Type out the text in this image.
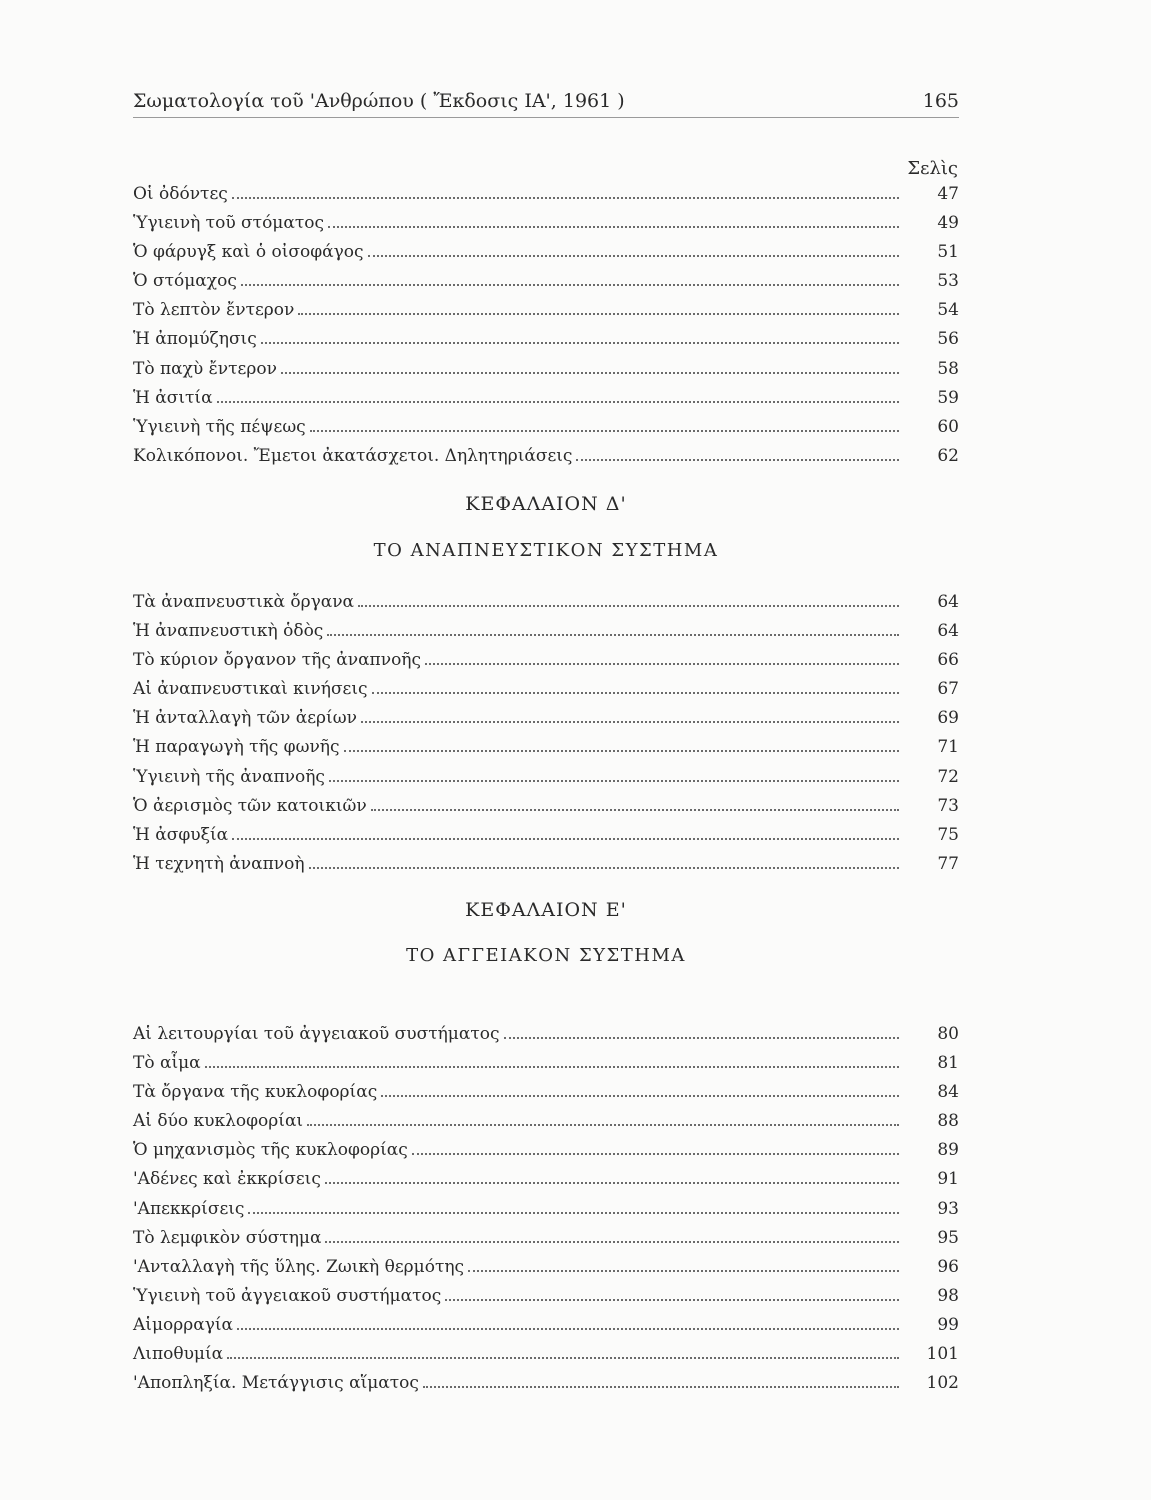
Σωματολογία τοῦ 'Ανθρώπου ( Ἔκδοσις ΙΑ', 1961 )	165
Σελὶς
Οἱ ὀδόντες	47
Ὑγιεινὴ τοῦ στόματος	49
Ὁ φάρυγξ καὶ ὁ οἰσοφάγος	51
Ὁ στόμαχος	53
Τὸ λεπτὸν ἔντερον	54
Ἡ ἀπομύζησις	56
Τὸ παχὺ ἔντερον	58
Ἡ ἀσιτία	59
Ὑγιεινὴ τῆς πέψεως	60
Κολικόπονοι. Ἔμετοι ἀκατάσχετοι. Δηλητηριάσεις	62
ΚΕΦΑΛΑΙΟΝ Δ'
ΤΟ ΑΝΑΠΝΕΥΣΤΙΚΟΝ ΣΥΣΤΗΜΑ
Τὰ ἀναπνευστικὰ ὄργανα	64
Ἡ ἀναπνευστικὴ ὁδὸς	64
Τὸ κύριον ὄργανον τῆς ἀναπνοῆς	66
Αἱ ἀναπνευστικαὶ κινήσεις	67
Ἡ ἀνταλλαγὴ τῶν ἀερίων	69
Ἡ παραγωγὴ τῆς φωνῆς	71
Ὑγιεινὴ τῆς ἀναπνοῆς	72
Ὁ ἀερισμὸς τῶν κατοικιῶν	73
Ἡ ἀσφυξία	75
Ἡ τεχνητὴ ἀναπνοὴ	77
ΚΕΦΑΛΑΙΟΝ Ε'
ΤΟ ΑΓΓΕΙΑΚΟΝ ΣΥΣΤΗΜΑ
Αἱ λειτουργίαι τοῦ ἀγγειακοῦ συστήματος	80
Τὸ αἷμα	81
Τὰ ὄργανα τῆς κυκλοφορίας	84
Αἱ δύο κυκλοφορίαι	88
Ὁ μηχανισμὸς τῆς κυκλοφορίας	89
'Αδένες καὶ ἐκκρίσεις	91
'Απεκκρίσεις	93
Τὸ λεμφικὸν σύστημα	95
'Ανταλλαγὴ τῆς ὕλης. Ζωικὴ θερμότης	96
Ὑγιεινὴ τοῦ ἀγγειακοῦ συστήματος	98
Αἱμορραγία	99
Λιποθυμία	101
'Αποπληξία. Μετάγγισις αἵματος	102
